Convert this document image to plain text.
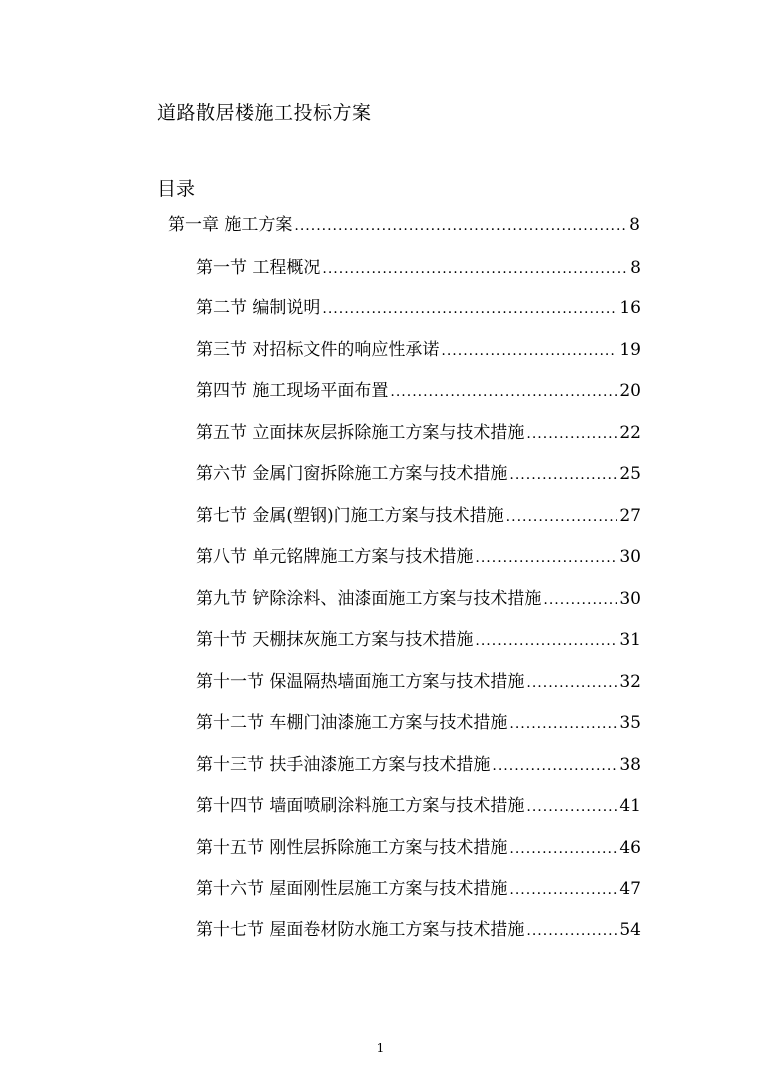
道路散居楼施工投标方案
目录
第一章 施工方案 .....	8
第一节 工程概况 .....	8
第二节 编制说明 .....	16
第三节 对招标文件的响应性承诺 .....	19
第四节 施工现场平面布置 .....	20
第五节 立面抹灰层拆除施工方案与技术措施 .....	22
第六节 金属门窗拆除施工方案与技术措施 .....	25
第七节 金属(塑钢)门施工方案与技术措施 .....	27
第八节 单元铭牌施工方案与技术措施 .....	30
第九节 铲除涂料、油漆面施工方案与技术措施 .....	30
第十节 天棚抹灰施工方案与技术措施 .....	31
第十一节 保温隔热墙面施工方案与技术措施 .....	32
第十二节 车棚门油漆施工方案与技术措施 .....	35
第十三节 扶手油漆施工方案与技术措施 .....	38
第十四节 墙面喷刷涂料施工方案与技术措施 .....	41
第十五节 刚性层拆除施工方案与技术措施 .....	46
第十六节 屋面刚性层施工方案与技术措施 .....	47
第十七节 屋面卷材防水施工方案与技术措施 .....	54
1
